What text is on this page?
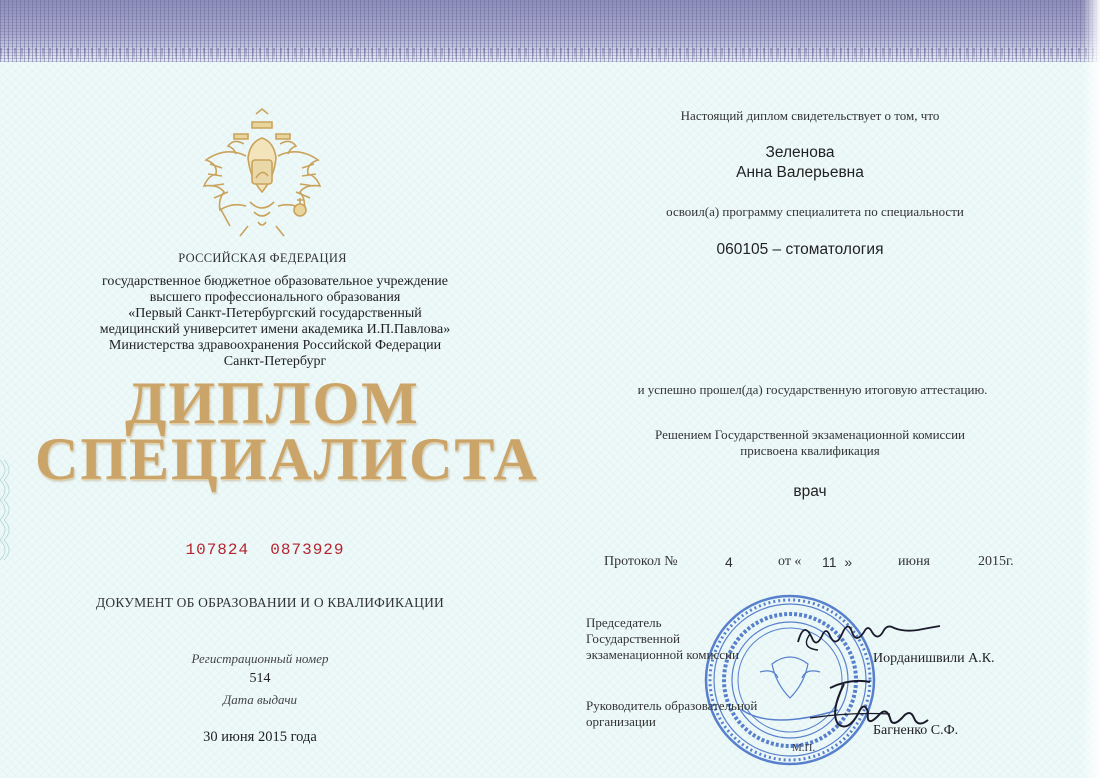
РОССИЙСКАЯ ФЕДЕРАЦИЯ
государственное бюджетное образовательное учреждение
высшего профессионального образования
«Первый Санкт-Петербургский государственный
медицинский университет имени академика И.П.Павлова»
Министерства здравоохранения Российской Федерации
Санкт-Петербург
ДИПЛОМ
СПЕЦИАЛИСТА
107824  0873929
ДОКУМЕНТ ОБ ОБРАЗОВАНИИ И О КВАЛИФИКАЦИИ
Регистрационный номер
514
Дата выдачи
30 июня 2015 года
Настоящий диплом свидетельствует о том, что
Зеленова
Анна Валерьевна
освоил(а) программу специалитета по специальности
060105 – стоматология
и успешно прошел(да) государственную итоговую аттестацию.
Решением Государственной экзаменационной комиссии
присвоена квалификация
врач
Протокол №	4	от « 11 »	июня	2015г.
Председатель
Государственной
экзаменационной комиссии	Иорданишвили А.К.
Руководитель образовательной
организации
Багненко С.Ф.
М.П.
